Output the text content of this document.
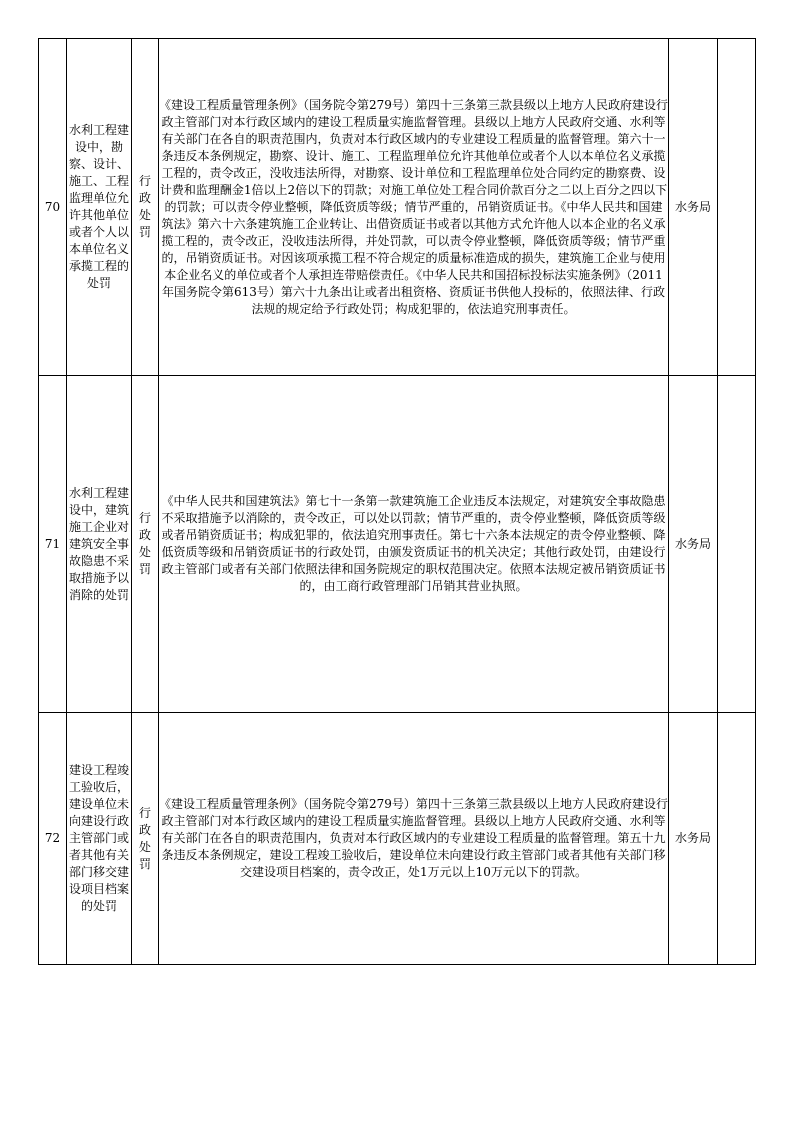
70	水利工程建设中，勘察、设计、施工、工程监理单位允许其他单位或者个人以本单位名义承揽工程的处罚	行政处罚	《建设工程质量管理条例》（国务院令第279号）第四十三条第三款县级以上地方人民政府建设行政主管部门对本行政区域内的建设工程质量实施监督管理。县级以上地方人民政府交通、水利等有关部门在各自的职责范围内，负责对本行政区域内的专业建设工程质量的监督管理。第六十一条违反本条例规定，勘察、设计、施工、工程监理单位允许其他单位或者个人以本单位名义承揽工程的，责令改正，没收违法所得，对勘察、设计单位和工程监理单位处合同约定的勘察费、设计费和监理酬金1倍以上2倍以下的罚款；对施工单位处工程合同价款百分之二以上百分之四以下的罚款；可以责令停业整顿，降低资质等级；情节严重的，吊销资质证书。《中华人民共和国建筑法》第六十六条建筑施工企业转让、出借资质证书或者以其他方式允许他人以本企业的名义承揽工程的，责令改正，没收违法所得，并处罚款，可以责令停业整顿，降低资质等级；情节严重的，吊销资质证书。对因该项承揽工程不符合规定的质量标准造成的损失，建筑施工企业与使用本企业名义的单位或者个人承担连带赔偿责任。《中华人民共和国招标投标法实施条例》（2011年国务院令第613号）第六十九条出让或者出租资格、资质证书供他人投标的，依照法律、行政法规的规定给予行政处罚；构成犯罪的，依法追究刑事责任。	水务局	
71	水利工程建设中，建筑施工企业对建筑安全事故隐患不采取措施予以消除的处罚	行政处罚	《中华人民共和国建筑法》第七十一条第一款建筑施工企业违反本法规定，对建筑安全事故隐患不采取措施予以消除的，责令改正，可以处以罚款；情节严重的，责令停业整顿，降低资质等级或者吊销资质证书；构成犯罪的，依法追究刑事责任。第七十六条本法规定的责令停业整顿、降低资质等级和吊销资质证书的行政处罚，由颁发资质证书的机关决定；其他行政处罚，由建设行政主管部门或者有关部门依照法律和国务院规定的职权范围决定。依照本法规定被吊销资质证书的，由工商行政管理部门吊销其营业执照。	水务局	
72	建设工程竣工验收后，建设单位未向建设行政主管部门或者其他有关部门移交建设项目档案的处罚	行政处罚	《建设工程质量管理条例》（国务院令第279号）第四十三条第三款县级以上地方人民政府建设行政主管部门对本行政区域内的建设工程质量实施监督管理。县级以上地方人民政府交通、水利等有关部门在各自的职责范围内，负责对本行政区域内的专业建设工程质量的监督管理。第五十九条违反本条例规定，建设工程竣工验收后，建设单位未向建设行政主管部门或者其他有关部门移交建设项目档案的，责令改正，处1万元以上10万元以下的罚款。	水务局	
